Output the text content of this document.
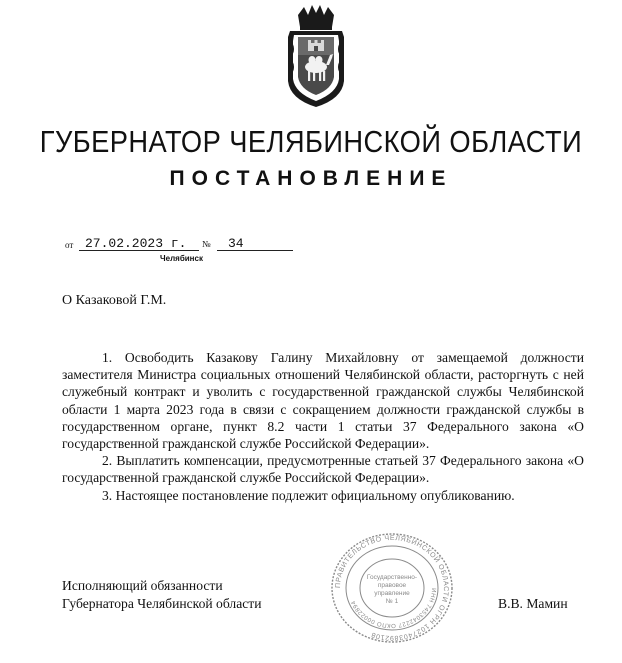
ГУБЕРНАТОР ЧЕЛЯБИНСКОЙ ОБЛАСТИ
ПОСТАНОВЛЕНИЕ
от 27.02.2023 г. № 34
Челябинск
О Казаковой Г.М.

1. Освободить Казакову Галину Михайловну от замещаемой должности заместителя Министра социальных отношений Челябинской области, расторгнуть с ней служебный контракт и уволить с государственной гражданской службы Челябинской области 1 марта 2023 года в связи с сокращением должности гражданской службы в государственном органе, пункт 8.2 части 1 статьи 37 Федерального закона «О государственной гражданской службе Российской Федерации».

2. Выплатить компенсации, предусмотренные статьей 37 Федерального закона «О государственной гражданской службе Российской Федерации».

3. Настоящее постановление подлежит официальному опубликованию.

ПРАВИТЕЛЬСТВО ЧЕЛЯБИНСКОЙ ОБЛАСТИ ОГРН 1027403892108
ИНН 7453042227 ОКПО 00022894
Государственно-
правовое
управление
№ 1
Исполняющий обязанности
Губернатора Челябинской области	В.В. Мамин
